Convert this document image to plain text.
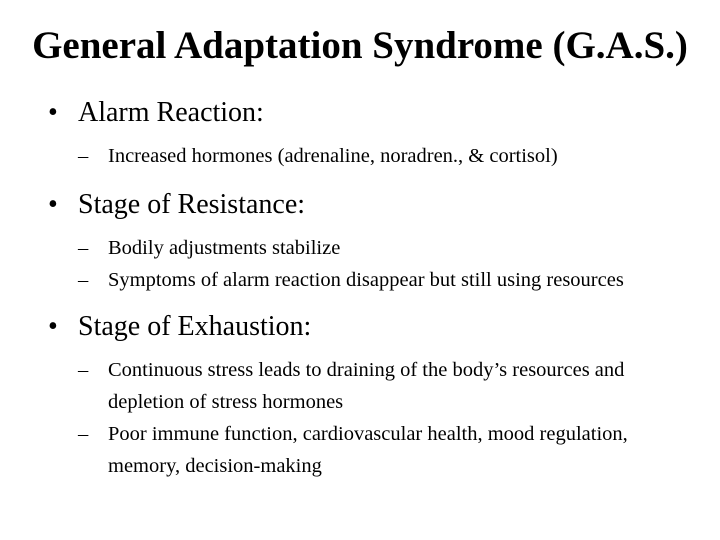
General Adaptation Syndrome (G.A.S.)
• Alarm Reaction:
– Increased hormones (adrenaline, noradren., & cortisol)
• Stage of Resistance:
– Bodily adjustments stabilize
– Symptoms of alarm reaction disappear but still using resources
• Stage of Exhaustion:
– Continuous stress leads to draining of the body’s resources and depletion of stress hormones
– Poor immune function, cardiovascular health, mood regulation, memory, decision-making
